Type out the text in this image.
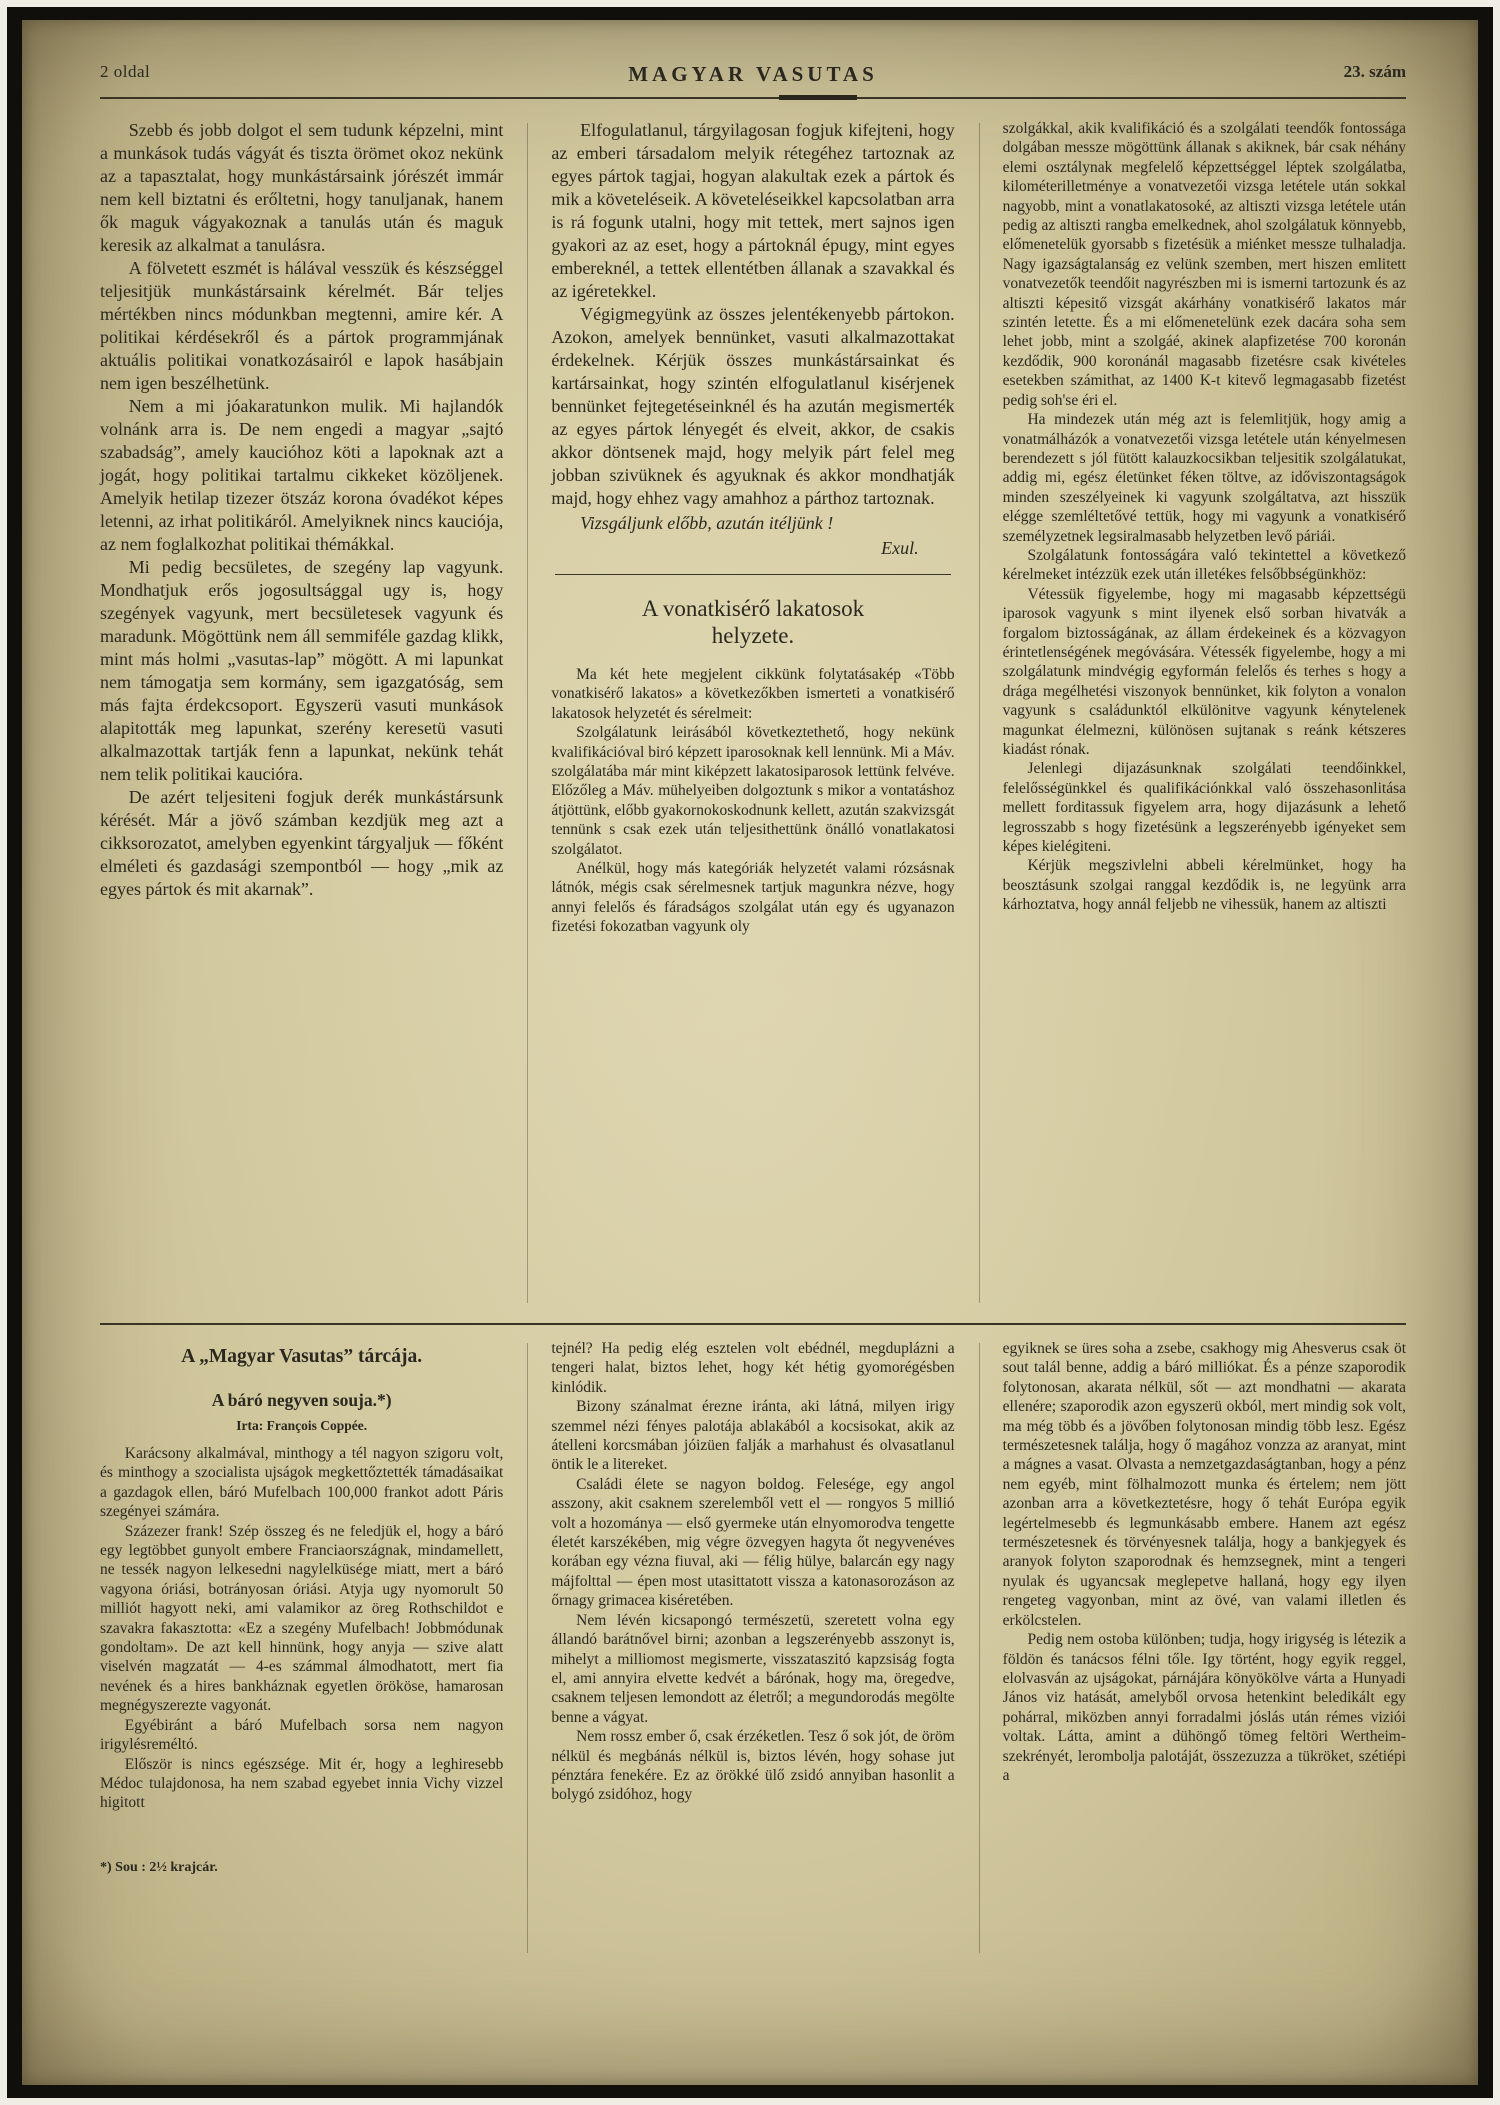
2 oldal	MAGYAR VASUTAS	23. szám

Szebb és jobb dolgot el sem tudunk képzelni, mint a munkások tudás vágyát és tiszta örömet okoz nekünk az a tapasztalat, hogy munkástársaink jórészét immár nem kell biztatni és erőltetni, hogy tanuljanak, hanem ők maguk vágyakoznak a tanulás után és maguk keresik az alkalmat a tanulásra.

A fölvetett eszmét is hálával vesszük és készséggel teljesitjük munkástársaink kérelmét. Bár teljes mértékben nincs módunkban megtenni, amire kér. A politikai kérdésekről és a pártok programmjának aktuális politikai vonatkozásairól e lapok hasábjain nem igen beszélhetünk.

Nem a mi jóakaratunkon mulik. Mi hajlandók volnánk arra is. De nem engedi a magyar „sajtó szabadság”, amely kaucióhoz köti a lapoknak azt a jogát, hogy politikai tartalmu cikkeket közöljenek. Amelyik hetilap tizezer ötszáz korona óvadékot képes letenni, az irhat politikáról. Amelyiknek nincs kauciója, az nem foglalkozhat politikai thémákkal.

Mi pedig becsületes, de szegény lap vagyunk. Mondhatjuk erős jogosultsággal ugy is, hogy szegények vagyunk, mert becsületesek vagyunk és maradunk. Mögöttünk nem áll semmiféle gazdag klikk, mint más holmi „vasutas-lap” mögött. A mi lapunkat nem támogatja sem kormány, sem igazgatóság, sem más fajta érdekcsoport. Egyszerü vasuti munkások alapitották meg lapunkat, szerény keresetü vasuti alkalmazottak tartják fenn a lapunkat, nekünk tehát nem telik politikai kaucióra.

De azért teljesiteni fogjuk derék munkástársunk kérését. Már a jövő számban kezdjük meg azt a cikksorozatot, amelyben egyenkint tárgyaljuk — főként elméleti és gazdasági szempontból — hogy „mik az egyes pártok és mit akarnak”.

Elfogulatlanul, tárgyilagosan fogjuk kifejteni, hogy az emberi társadalom melyik rétegéhez tartoznak az egyes pártok tagjai, hogyan alakultak ezek a pártok és mik a követeléseik. A követeléseikkel kapcsolatban arra is rá fogunk utalni, hogy mit tettek, mert sajnos igen gyakori az az eset, hogy a pártoknál épugy, mint egyes embereknél, a tettek ellentétben állanak a szavakkal és az igéretekkel.

Végigmegyünk az összes jelentékenyebb pártokon. Azokon, amelyek bennünket, vasuti alkalmazottakat érdekelnek. Kérjük összes munkástársainkat és kartársainkat, hogy szintén elfogulatlanul kisérjenek bennünket fejtegetéseinknél és ha azután megismerték az egyes pártok lényegét és elveit, akkor, de csakis akkor döntsenek majd, hogy melyik párt felel meg jobban szivüknek és agyuknak és akkor mondhatják majd, hogy ehhez vagy amahhoz a párthoz tartoznak.

Vizsgáljunk előbb, azután itéljünk !

Exul.

A vonatkisérő lakatosok
helyzete.

Ma két hete megjelent cikkünk folytatásakép «Több vonatkisérő lakatos» a következőkben ismerteti a vonatkisérő lakatosok helyzetét és sérelmeit:

Szolgálatunk leirásából következtethető, hogy nekünk kvalifikációval biró képzett iparosoknak kell lennünk. Mi a Máv. szolgálatába már mint kiképzett lakatosiparosok lettünk felvéve. Előzőleg a Máv. mühelyeiben dolgoztunk s mikor a vontatáshoz átjöttünk, előbb gyakornokoskodnunk kellett, azután szakvizsgát tennünk s csak ezek után teljesithettünk önálló vonatlakatosi szolgálatot.

Anélkül, hogy más kategóriák helyzetét valami rózsásnak látnók, mégis csak sérelmesnek tartjuk magunkra nézve, hogy annyi felelős és fáradságos szolgálat után egy és ugyanazon fizetési fokozatban vagyunk oly

szolgákkal, akik kvalifikáció és a szolgálati teendők fontossága dolgában messze mögöttünk állanak s akiknek, bár csak néhány elemi osztálynak megfelelő képzettséggel léptek szolgálatba, kilométerilletménye a vonatvezetői vizsga letétele után sokkal nagyobb, mint a vonatlakatosoké, az altiszti vizsga letétele után pedig az altiszti rangba emelkednek, ahol szolgálatuk könnyebb, előmenetelük gyorsabb s fizetésük a miénket messze tulhaladja. Nagy igazságtalanság ez velünk szemben, mert hiszen emlitett vonatvezetők teendőit nagyrészben mi is ismerni tartozunk és az altiszti képesitő vizsgát akárhány vonatkisérő lakatos már szintén letette. És a mi előmenetelünk ezek dacára soha sem lehet jobb, mint a szolgáé, akinek alapfizetése 700 koronán kezdődik, 900 koronánál magasabb fizetésre csak kivételes esetekben számithat, az 1400 K-t kitevő legmagasabb fizetést pedig soh'se éri el.

Ha mindezek után még azt is felemlitjük, hogy amig a vonatmálházók a vonatvezetői vizsga letétele után kényelmesen berendezett s jól fütött kalauzkocsikban teljesitik szolgálatukat, addig mi, egész életünket féken töltve, az időviszontagságok minden szeszélyeinek ki vagyunk szolgáltatva, azt hisszük elégge szemléltetővé tettük, hogy mi vagyunk a vonatkisérő személyzetnek legsiralmasabb helyzetben levő páriái.

Szolgálatunk fontosságára való tekintettel a következő kérelmeket intézzük ezek után illetékes felsőbbségünkhöz:

Vétessük figyelembe, hogy mi magasabb képzettségü iparosok vagyunk s mint ilyenek első sorban hivatvák a forgalom biztosságának, az állam érdekeinek és a közvagyon érintetlenségének megóvására. Vétessék figyelembe, hogy a mi szolgálatunk mindvégig egyformán felelős és terhes s hogy a drága megélhetési viszonyok bennünket, kik folyton a vonalon vagyunk s családunktól elkülönitve vagyunk kénytelenek magunkat élelmezni, különösen sujtanak s reánk kétszeres kiadást rónak.

Jelenlegi dijazásunknak szolgálati teendőinkkel, felelősségünkkel és qualifikációnkkal való összehasonlitása mellett forditassuk figyelem arra, hogy dijazásunk a lehető legrosszabb s hogy fizetésünk a legszerényebb igényeket sem képes kielégiteni.

Kérjük megszivlelni abbeli kérelmünket, hogy ha beosztásunk szolgai ranggal kezdődik is, ne legyünk arra kárhoztatva, hogy annál feljebb ne vihessük, hanem az altiszti

A „Magyar Vasutas” tárcája.
A báró negyven souja.*)

Irta: François Coppée.

Karácsony alkalmával, minthogy a tél nagyon szigoru volt, és minthogy a szocialista ujságok megkettőztették támadásaikat a gazdagok ellen, báró Mufelbach 100,000 frankot adott Páris szegényei számára.

Százezer frank! Szép összeg és ne feledjük el, hogy a báró egy legtöbbet gunyolt embere Franciaországnak, mindamellett, ne tessék nagyon lelkesedni nagylelküsége miatt, mert a báró vagyona óriási, botrányosan óriási. Atyja ugy nyomorult 50 milliót hagyott neki, ami valamikor az öreg Rothschildot e szavakra fakasztotta: «Ez a szegény Mufelbach! Jobbmódunak gondoltam». De azt kell hinnünk, hogy anyja — szive alatt viselvén magzatát — 4-es számmal álmodhatott, mert fia nevének és a hires bankháznak egyetlen örököse, hamarosan megnégyszerezte vagyonát.

Egyébiránt a báró Mufelbach sorsa nem nagyon irigylésreméltó.

Először is nincs egészsége. Mit ér, hogy a leghiresebb Médoc tulajdonosa, ha nem szabad egyebet innia Vichy vizzel higitott

*) Sou : 2½ krajcár.

tejnél? Ha pedig elég esztelen volt ebédnél, megduplázni a tengeri halat, biztos lehet, hogy két hétig gyomorégésben kinlódik.

Bizony szánalmat érezne iránta, aki látná, milyen irigy szemmel nézi fényes palotája ablakából a kocsisokat, akik az átelleni korcsmában jóizüen falják a marhahust és olvasatlanul öntik le a litereket.

Családi élete se nagyon boldog. Felesége, egy angol asszony, akit csaknem szerelemből vett el — rongyos 5 millió volt a hozománya — első gyermeke után elnyomorodva tengette életét karszékében, mig végre özvegyen hagyta őt negyvenéves korában egy vézna fiuval, aki — félig hülye, balarcán egy nagy májfolttal — épen most utasittatott vissza a katonasorozáson az őrnagy grimacea kiséretében.

Nem lévén kicsapongó természetü, szeretett volna egy állandó barátnővel birni; azonban a legszerényebb asszonyt is, mihelyt a milliomost megismerte, visszataszitó kapzsiság fogta el, ami annyira elvette kedvét a bárónak, hogy ma, öregedve, csaknem teljesen lemondott az életről; a megundorodás megölte benne a vágyat.

Nem rossz ember ő, csak érzéketlen. Tesz ő sok jót, de öröm nélkül és megbánás nélkül is, biztos lévén, hogy sohase jut pénztára fenekére. Ez az örökké ülő zsidó annyiban hasonlit a bolygó zsidóhoz, hogy

egyiknek se üres soha a zsebe, csakhogy mig Ahesverus csak öt sout talál benne, addig a báró milliókat. És a pénze szaporodik folytonosan, akarata nélkül, sőt — azt mondhatni — akarata ellenére; szaporodik azon egyszerü okból, mert mindig sok volt, ma még több és a jövőben folytonosan mindig több lesz. Egész természetesnek találja, hogy ő magához vonzza az aranyat, mint a mágnes a vasat. Olvasta a nemzetgazdaságtanban, hogy a pénz nem egyéb, mint fölhalmozott munka és értelem; nem jött azonban arra a következtetésre, hogy ő tehát Európa egyik legértelmesebb és legmunkásabb embere. Hanem azt egész természetesnek és törvényesnek találja, hogy a bankjegyek és aranyok folyton szaporodnak és hemzsegnek, mint a tengeri nyulak és ugyancsak meglepetve hallaná, hogy egy ilyen rengeteg vagyonban, mint az övé, van valami illetlen és erkölcstelen.

Pedig nem ostoba különben; tudja, hogy irigység is létezik a földön és tanácsos félni tőle. Igy történt, hogy egyik reggel, elolvasván az ujságokat, párnájára könyökölve várta a Hunyadi János viz hatását, amelyből orvosa hetenkint beledikált egy pohárral, miközben annyi forradalmi jóslás után rémes viziói voltak. Látta, amint a dühöngő tömeg feltöri Wertheim-szekrényét, lerombolja palotáját, összezuzza a tükröket, szétiépi a
